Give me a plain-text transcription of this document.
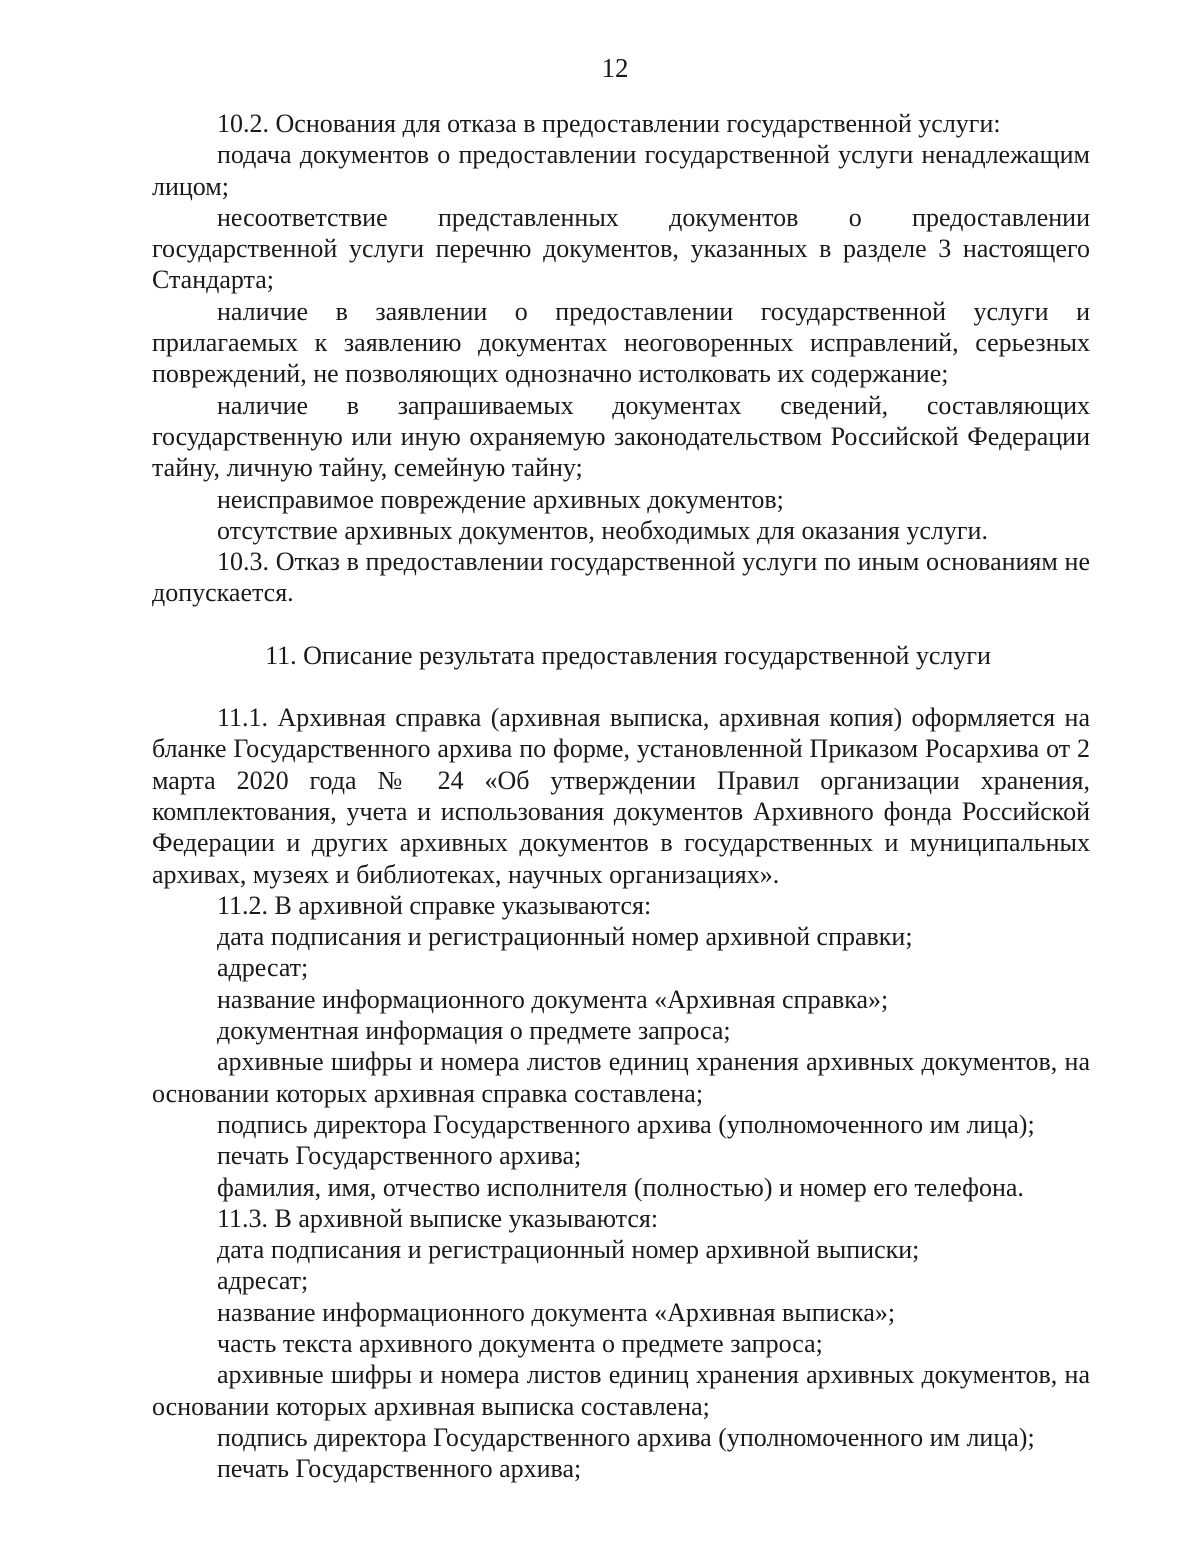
12

10.2. Основания для отказа в предоставлении государственной услуги:

подача документов о предоставлении государственной услуги ненадлежащим лицом;

несоответствие представленных документов о предоставлении государственной услуги перечню документов, указанных в разделе 3 настоящего Стандарта;

наличие в заявлении о предоставлении государственной услуги и прилагаемых к заявлению документах неоговоренных исправлений, серьезных повреждений, не позволяющих однозначно истолковать их содержание;

наличие в запрашиваемых документах сведений, составляющих государственную или иную охраняемую законодательством Российской Федерации тайну, личную тайну, семейную тайну;

неисправимое повреждение архивных документов;

отсутствие архивных документов, необходимых для оказания услуги.

10.3. Отказ в предоставлении государственной услуги по иным основаниям не допускается.

11. Описание результата предоставления государственной услуги

11.1. Архивная справка (архивная выписка, архивная копия) оформляется на бланке Государственного архива по форме, установленной Приказом Росархива от 2 марта 2020 года № 24 «Об утверждении Правил организации хранения, комплектования, учета и использования документов Архивного фонда Российской Федерации и других архивных документов в государственных и муниципальных архивах, музеях и библиотеках, научных организациях».

11.2. В архивной справке указываются:

дата подписания и регистрационный номер архивной справки;

адресат;

название информационного документа «Архивная справка»;

документная информация о предмете запроса;

архивные шифры и номера листов единиц хранения архивных документов, на основании которых архивная справка составлена;

подпись директора Государственного архива (уполномоченного им лица);

печать Государственного архива;

фамилия, имя, отчество исполнителя (полностью) и номер его телефона.

11.3. В архивной выписке указываются:

дата подписания и регистрационный номер архивной выписки;

адресат;

название информационного документа «Архивная выписка»;

часть текста архивного документа о предмете запроса;

архивные шифры и номера листов единиц хранения архивных документов, на основании которых архивная выписка составлена;

подпись директора Государственного архива (уполномоченного им лица);

печать Государственного архива;
